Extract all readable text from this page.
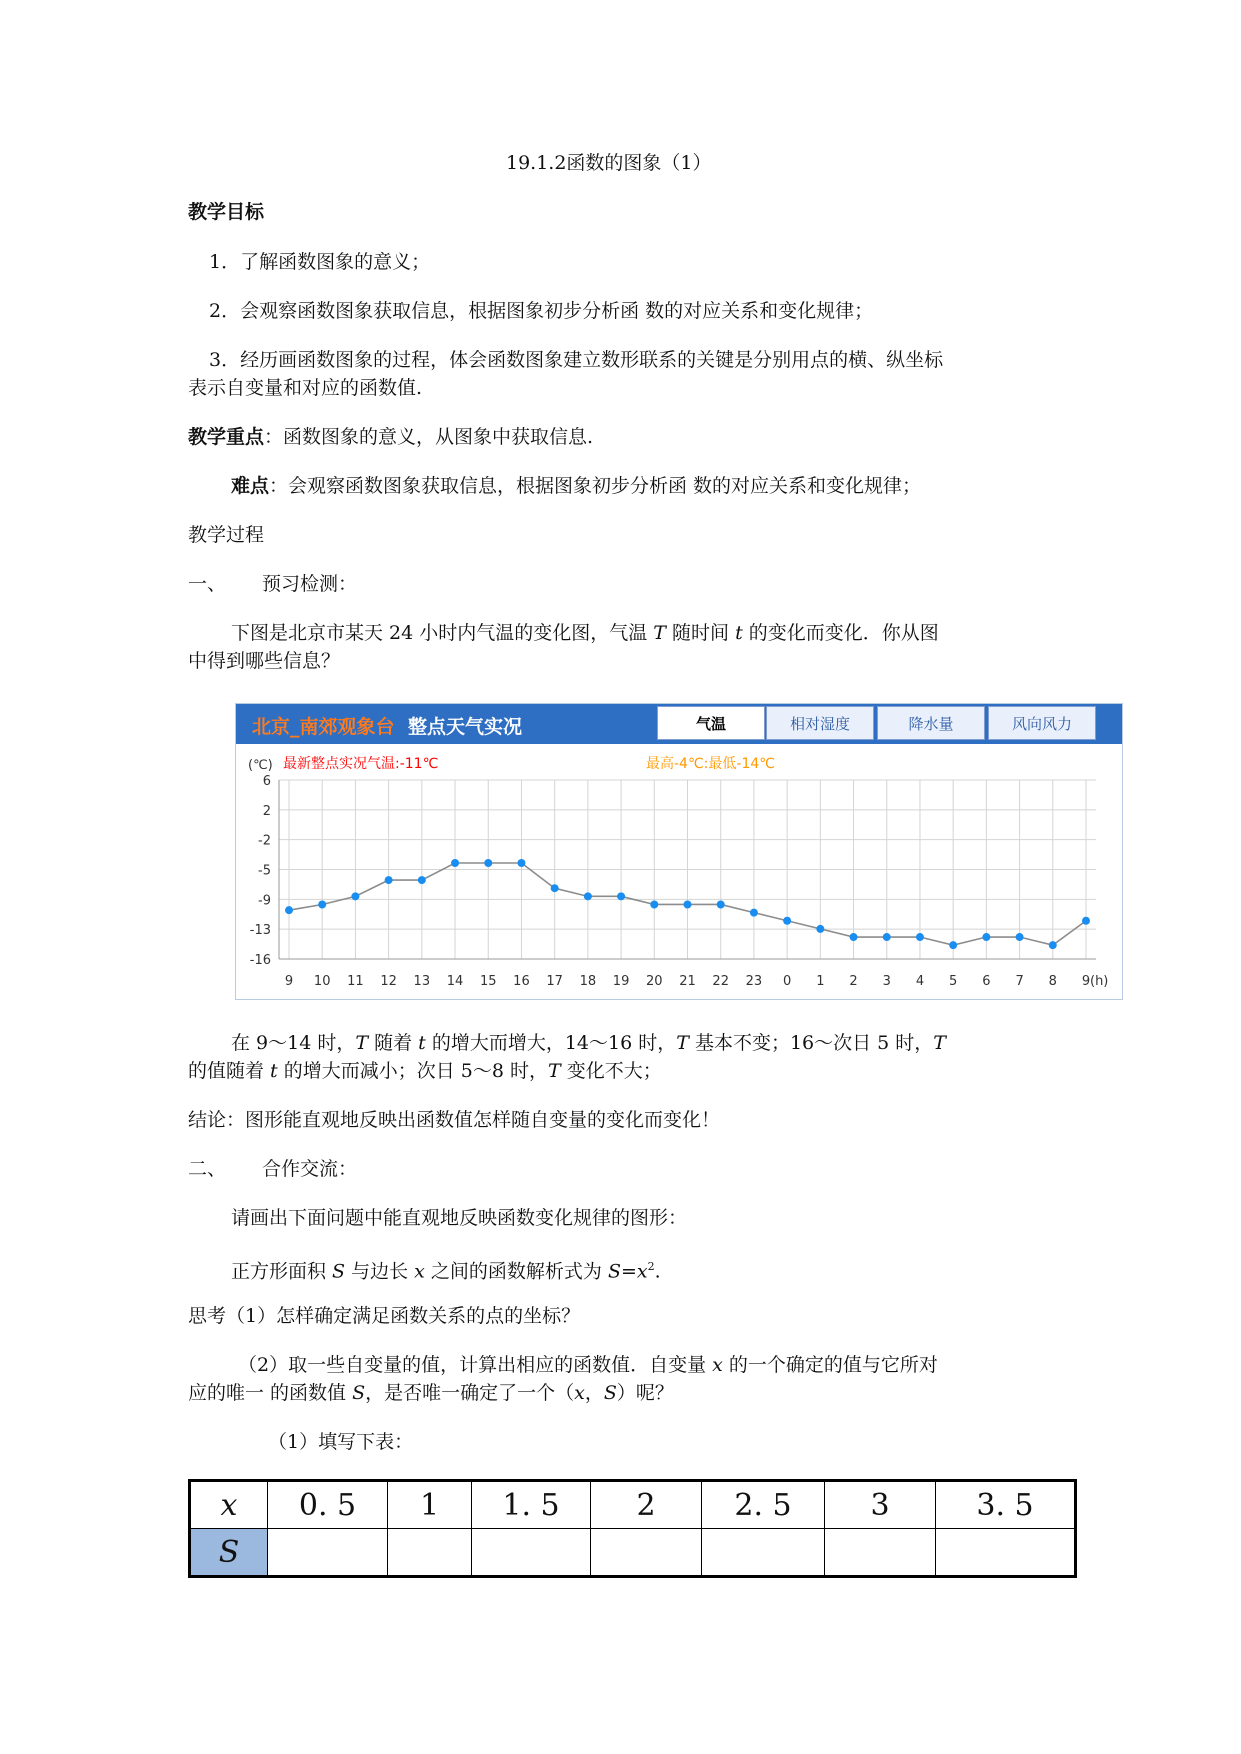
19.1.2函数的图象（1）
教学目标
1．了解函数图象的意义；
2．会观察函数图象获取信息，根据图象初步分析函 数的对应关系和变化规律；
3．经历画函数图象的过程，体会函数图象建立数形联系的关键是分别用点的横、纵坐标
表示自变量和对应的函数值.
教学重点：函数图象的意义，从图象中获取信息.
难点：会观察函数图象获取信息，根据图象初步分析函 数的对应关系和变化规律；
教学过程
一、 预习检测：
下图是北京市某天 24 小时内气温的变化图，气温 T 随时间 t 的变化而变化．你从图
中得到哪些信息？
北京_南郊观象台 整点天气实况	气温	相对湿度	降水量	风向风力
(℃) 最新整点实况气温:-11℃	最高-4℃:最低-14℃
6
2
-2
-5
-9
-13
-16
9 10 11 12 13 14 15 16 17 18 19 20 21 22 23 0 1 2 3 4 5 6 7 8 9 (h)
在 9～14 时，T 随着 t 的增大而增大，14～16 时，T 基本不变；16～次日 5 时，T
的值随着 t 的增大而减小；次日 5～8 时，T 变化不大；
结论：图形能直观地反映出函数值怎样随自变量的变化而变化！
二、 合作交流：
请画出下面问题中能直观地反映函数变化规律的图形：
正方形面积 S 与边长 x 之间的函数解析式为 $S=x^2$.
思考（1）怎样确定满足函数关系的点的坐标？
（2）取一些自变量的值，计算出相应的函数值．自变量 x 的一个确定的值与它所对
应的唯一 的函数值 S，是否唯一确定了一个（x，S）呢？
（1）填写下表：
x	0. 5	1	1. 5	2	2. 5	3	3. 5
S							
